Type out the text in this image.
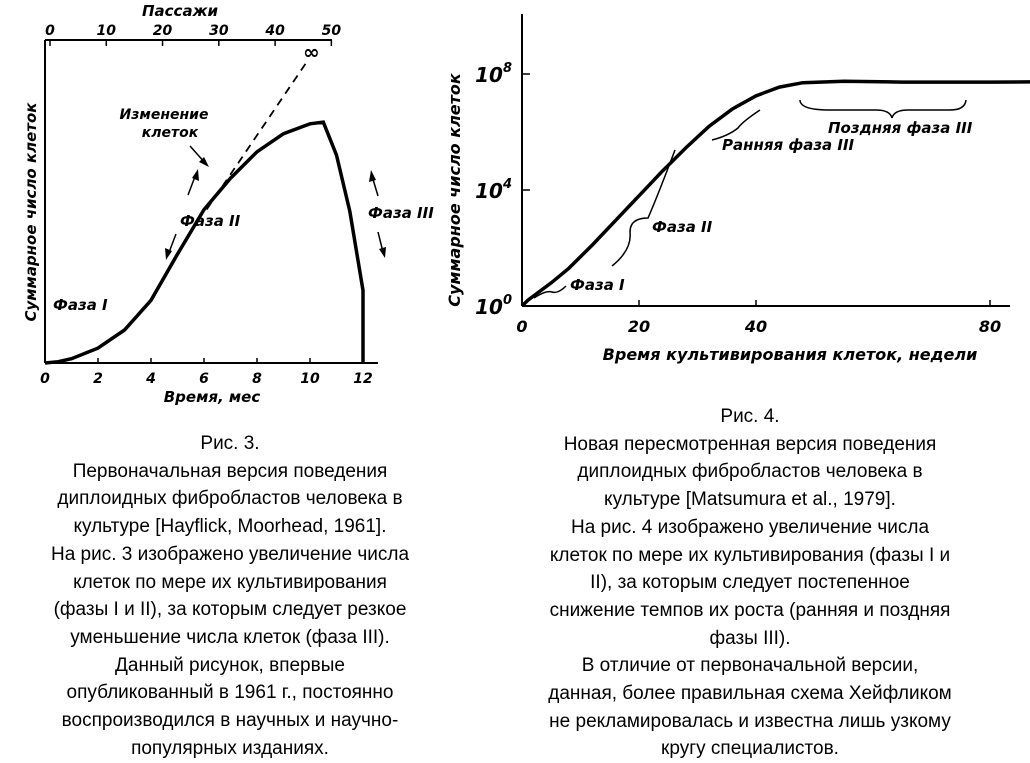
0	2	4	6	8	10 12
0	10	20	30	40	50
∞
Пассажи
Время, мес
Суммарное число клеток	Изменение
клеток
Фаза I
Фаза II	Фаза III
0	20	40	80
$10^0$
$10^4$
$10^8$
Время культивирования клеток, недели
Суммарное число клеток	Фаза I
Фаза II
Ранняя фаза III
Поздняя фаза III
Рис. 3.
Первоначальная версия поведения
диплоидных фибробластов человека в
культуре [Hayflick, Moorhead, 1961].
На рис. 3 изображено увеличение числа
клеток по мере их культивирования
(фазы I и II), за которым следует резкое
уменьшение числа клеток (фаза III).
Данный рисунок, впервые
опубликованный в 1961 г., постоянно
воспроизводился в научных и научно-
популярных изданиях.
Рис. 4.
Новая пересмотренная версия поведения
диплоидных фибробластов человека в
культуре [Matsumura et al., 1979].
На рис. 4 изображено увеличение числа
клеток по мере их культивирования (фазы I и
II), за которым следует постепенное
снижение темпов их роста (ранняя и поздняя
фазы III).
В отличие от первоначальной версии,
данная, более правильная схема Хейфликом
не рекламировалась и известна лишь узкому
кругу специалистов.
